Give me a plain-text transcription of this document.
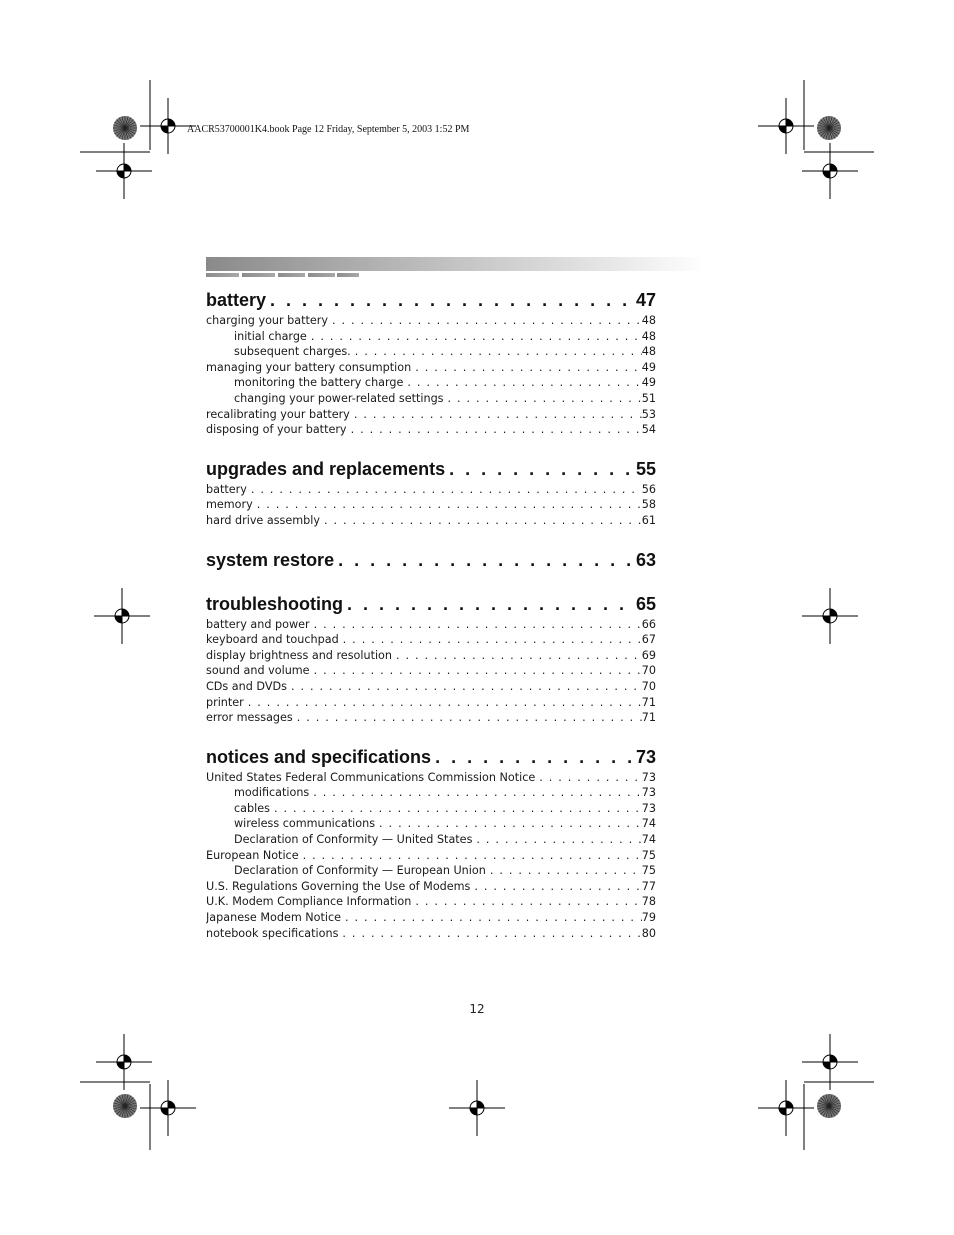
AACR53700001K4.book Page 12 Friday, September 5, 2003 1:52 PM
battery . . .	47
charging your battery . . .	48
initial charge . . .	48
subsequent charges. . . .	48
managing your battery consumption . . .	49
monitoring the battery charge . . .	49
changing your power-related settings . . .	51
recalibrating your battery . . .	53
disposing of your battery . . .	54
upgrades and replacements . . .	55
battery . . .	56
memory . . .	58
hard drive assembly . . .	61
system restore . . .	63
troubleshooting . . .	65
battery and power . . .	66
keyboard and touchpad . . .	67
display brightness and resolution . . .	69
sound and volume . . .	70
CDs and DVDs . . .	70
printer . . .	71
error messages . . .	71
notices and specifications . . .	73
United States Federal Communications Commission Notice . . .	73
modifications . . .	73
cables . . .	73
wireless communications . . .	74
Declaration of Conformity — United States . . .	74
European Notice . . .	75
Declaration of Conformity — European Union . . .	75
U.S. Regulations Governing the Use of Modems . . .	77
U.K. Modem Compliance Information . . .	78
Japanese Modem Notice . . .	79
notebook specifications . . .	80
12
